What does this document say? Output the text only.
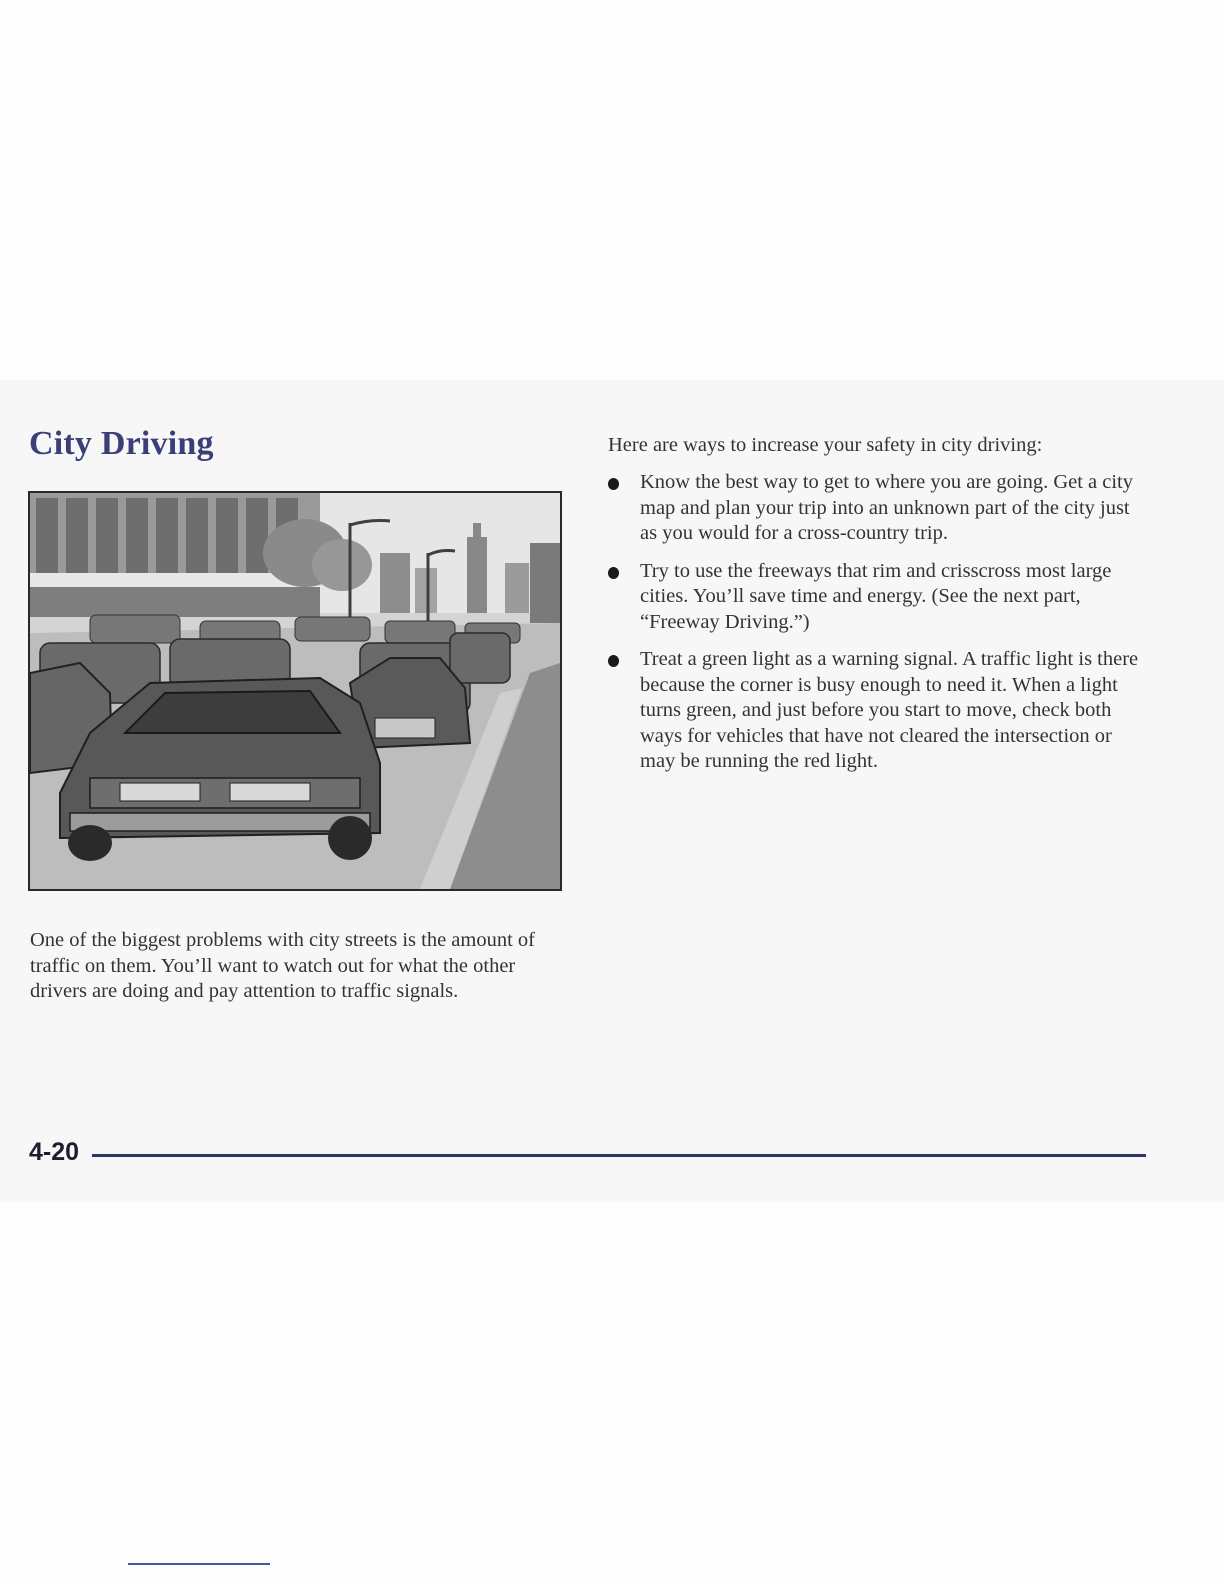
City Driving

One of the biggest problems with city streets is the amount of traffic on them. You’ll want to watch out for what the other drivers are doing and pay attention to traffic signals.

Here are ways to increase your safety in city driving:

Know the best way to get to where you are going. Get a city map and plan your trip into an unknown part of the city just as you would for a cross-country trip.
Try to use the freeways that rim and crisscross most large cities. You’ll save time and energy. (See the next part, “Freeway Driving.”)
Treat a green light as a warning signal. A traffic light is there because the corner is busy enough to need it. When a light turns green, and just before you start to move, check both ways for vehicles that have not cleared the intersection or may be running the red light.
4-20
